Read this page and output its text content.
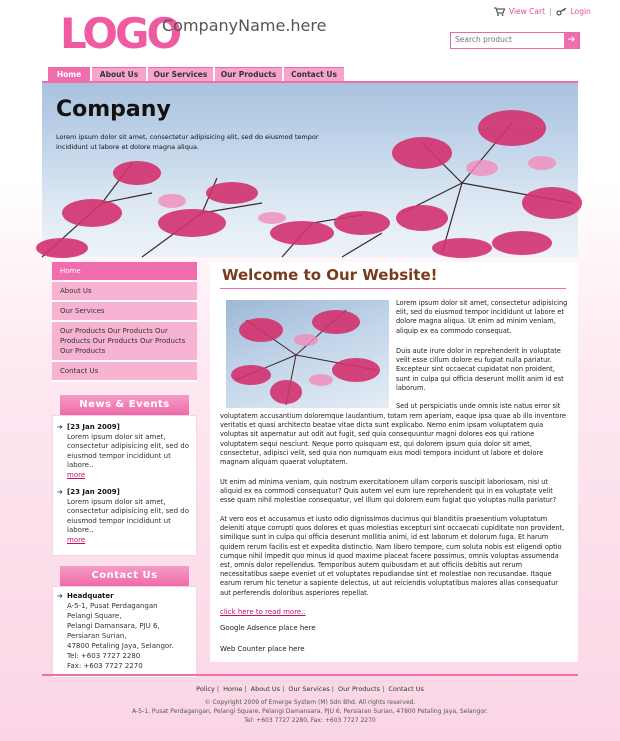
LOGO
CompanyName.here
View Cart |	Login
Search product
➔
Home	About Us	Our Services	Our Products	Contact Us
Company
Lorem ipsum dolor sit amet, consectetur adipisicing elit, sed do eiusmod tempor incididunt ut labore et dolore magna aliqua.
Home
About Us
Our Services
Our Products Our Products Our Products Our Products Our Products Our Products
Contact Us
News & Events
➜ [23 Jan 2009]
Lorem ipsum dolor sit amet, consectetur adipisicing elit, sed do eiusmod tempor incididunt ut labore..
more
➜ [23 Jan 2009]
Lorem ipsum dolor sit amet, consectetur adipisicing elit, sed do eiusmod tempor incididunt ut labore..
more
Contact Us
➜ Headquater
A-5-1, Pusat Perdagangan
Pelangi Square,
Pelangi Damansara, PJU 6,
Persiaran Surian,
47800 Petaling Jaya, Selangor.
Tel: +603 7727 2280
Fax: +603 7727 2270
Welcome to Our Website!
Lorem ipsum dolor sit amet, consectetur adipisicing elit, sed do eiusmod tempor incididunt ut labore et dolore magna aliqua. Ut enim ad minim veniam, aliquip ex ea commodo consequat.
Duis aute irure dolor in reprehenderit in voluptate velit esse cillum dolore eu fugiat nulla pariatur. Excepteur sint occaecat cupidatat non proident, sunt in culpa qui officia deserunt mollit anim id est laborum.
Sed ut perspiciatis unde omnis iste natus error sit
voluptatem accusantium doloremque laudantium, totam rem aperiam, eaque ipsa quae ab illo inventore veritatis et quasi architecto beatae vitae dicta sunt explicabo. Nemo enim ipsam voluptatem quia voluptas sit aspernatur aut odit aut fugit, sed quia consequuntur magni dolores eos qui ratione voluptatem sequi nesciunt. Neque porro quisquam est, qui dolorem ipsum quia dolor sit amet, consectetur, adipisci velit, sed quia non numquam eius modi tempora incidunt ut labore et dolore magnam aliquam quaerat voluptatem.
Ut enim ad minima veniam, quis nostrum exercitationem ullam corporis suscipit laboriosam, nisi ut aliquid ex ea commodi consequatur? Quis autem vel eum iure reprehenderit qui in ea voluptate velit esse quam nihil molestiae consequatur, vel illum qui dolorem eum fugiat quo voluptas nulla pariatur?
At vero eos et accusamus et iusto odio dignissimos ducimus qui blanditiis praesentium voluptatum deleniti atque corrupti quos dolores et quas molestias excepturi sint occaecati cupiditate non provident, similique sunt in culpa qui officia deserunt mollitia animi, id est laborum et dolorum fuga. Et harum quidem rerum facilis est et expedita distinctio. Nam libero tempore, cum soluta nobis est eligendi optio cumque nihil impedit quo minus id quod maxime placeat facere possimus, omnis voluptas assumenda est, omnis dolor repellendus. Temporibus autem quibusdam et aut officiis debitis aut rerum necessitatibus saepe eveniet ut et voluptates repudiandae sint et molestiae non recusandae. Itaque earum rerum hic tenetur a sapiente delectus, ut aut reiciendis voluptatibus maiores alias consequatur aut perferendis doloribus asperiores repellat.
click here to read more..
Google Adsence place here
Web Counter place here
Policy | Home | About Us | Our Services | Our Products | Contact Us
© Copyright 2009 of Emerge System (M) Sdn Bhd. All rights reserved.
A-5-1, Pusat Perdagangan, Pelangi Square, Pelangi Damansara, PJU 6, Persiaran Surian, 47800 Petaling Jaya, Selangor.
Tel: +603 7727 2280, Fax: +603 7727 2270
